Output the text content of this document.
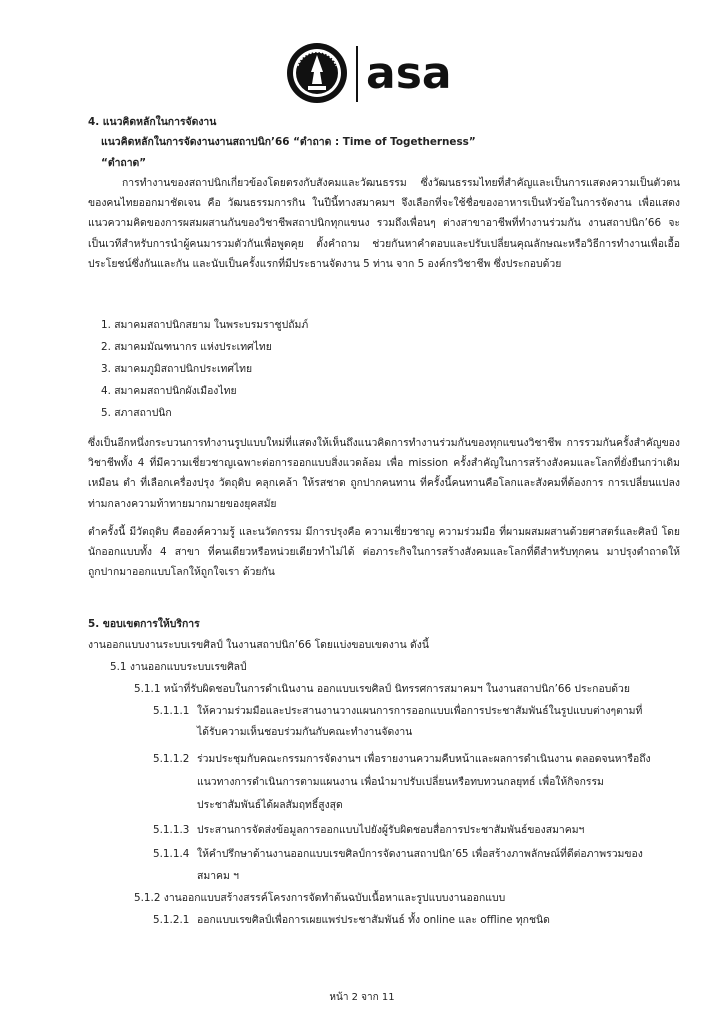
asa
4. แนวคิดหลักในการจัดงาน
แนวคิดหลักในการจัดงานงานสถาปนิก’66 “ตำถาด : Time of Togetherness”
“ตำถาด”
การทำงานของสถาปนิกเกี่ยวข้องโดยตรงกับสังคมและวัฒนธรรม ซึ่งวัฒนธรรมไทยที่สำคัญและเป็นการแสดงความเป็นตัวตนของคนไทยออกมาชัดเจน คือ วัฒนธรรมการกิน ในปีนี้ทางสมาคมฯ จึงเลือกที่จะใช้ชื่อของอาหารเป็นหัวข้อในการจัดงาน เพื่อแสดงแนวความคิดของการผสมผสานกันของวิชาชีพสถาปนิกทุกแขนง รวมถึงเพื่อนๆ ต่างสาขาอาชีพที่ทำงานร่วมกัน งานสถาปนิก’66 จะเป็นเวทีสำหรับการนำผู้คนมารวมตัวกันเพื่อพูดคุย ตั้งคำถาม ช่วยกันหาคำตอบและปรับเปลี่ยนคุณลักษณะหรือวิธีการทำงานเพื่อเอื้อประโยชน์ซึ่งกันและกัน และนับเป็นครั้งแรกที่มีประธานจัดงาน 5 ท่าน จาก 5 องค์กรวิชาชีพ ซึ่งประกอบด้วย
1. สมาคมสถาปนิกสยาม ในพระบรมราชูปถัมภ์
2. สมาคมมัณฑนากร แห่งประเทศไทย
3. สมาคมภูมิสถาปนิกประเทศไทย
4. สมาคมสถาปนิกผังเมืองไทย
5. สภาสถาปนิก
ซึ่งเป็นอีกหนึ่งกระบวนการทำงานรูปแบบใหม่ที่แสดงให้เห็นถึงแนวคิดการทำงานร่วมกันของทุกแขนงวิชาชีพ การรวมกันครั้งสำคัญของวิชาชีพทั้ง 4 ที่มีความเชี่ยวชาญเฉพาะต่อการออกแบบสิ่งแวดล้อม เพื่อ mission ครั้งสำคัญในการสร้างสังคมและโลกที่ยั่งยืนกว่าเดิมเหมือน ตำ ที่เลือกเครื่องปรุง วัตถุดิบ คลุกเคล้า ให้รสชาด ถูกปากคนทาน ที่ครั้งนี้คนทานคือโลกและสังคมที่ต้องการ การเปลี่ยนแปลง ท่ามกลางความท้าทายมากมายของยุคสมัย
ตำครั้งนี้ มีวัตถุดิบ คือองค์ความรู้ และนวัตกรรม มีการปรุงคือ ความเชี่ยวชาญ ความร่วมมือ ที่ผามผสมผสานด้วยศาสตร์และศิลป์ โดยนักออกแบบทั้ง 4 สาขา ที่คนเดียวหรือหน่วยเดียวทำไม่ได้ ต่อภาระกิจในการสร้างสังคมและโลกที่ดีสำหรับทุกคน มาปรุงตำถาดให้ถูกปากมาออกแบบโลกให้ถูกใจเรา ด้วยกัน
5. ขอบเขตการให้บริการ
งานออกแบบงานระบบเรขศิลป์ ในงานสถาปนิก’66 โดยแบ่งขอบเขตงาน ดังนี้
5.1 งานออกแบบระบบเรขศิลป์
5.1.1 หน้าที่รับผิดชอบในการดำเนินงาน ออกแบบเรขศิลป์ นิทรรศการสมาคมฯ ในงานสถาปนิก’66 ประกอบด้วย
5.1.1.1 ให้ความร่วมมือและประสานงานวางแผนการการออกแบบเพื่อการประชาสัมพันธ์ในรูปแบบต่างๆตามที่
ได้รับความเห็นชอบร่วมกันกับคณะทำงานจัดงาน
5.1.1.2 ร่วมประชุมกับคณะกรรมการจัดงานฯ เพื่อรายงานความคืบหน้าและผลการดำเนินงาน ตลอดจนหารือถึง
แนวทางการดำเนินการตามแผนงาน เพื่อนำมาปรับเปลี่ยนหรือทบทวนกลยุทธ์ เพื่อให้กิจกรรม
ประชาสัมพันธ์ได้ผลสัมฤทธิ์สูงสุด
5.1.1.3 ประสานการจัดส่งข้อมูลการออกแบบไปยังผู้รับผิดชอบสื่อการประชาสัมพันธ์ของสมาคมฯ
5.1.1.4 ให้คำปรึกษาด้านงานออกแบบเรขศิลป์การจัดงานสถาปนิก’65 เพื่อสร้างภาพลักษณ์ที่ดีต่อภาพรวมของ
สมาคม ฯ
5.1.2 งานออกแบบสร้างสรรค์โครงการจัดทำต้นฉบับเนื้อหาและรูปแบบงานออกแบบ
5.1.2.1 ออกแบบเรขศิลป์เพื่อการเผยแพร่ประชาสัมพันธ์ ทั้ง online และ offline ทุกชนิด
หน้า 2 จาก 11
